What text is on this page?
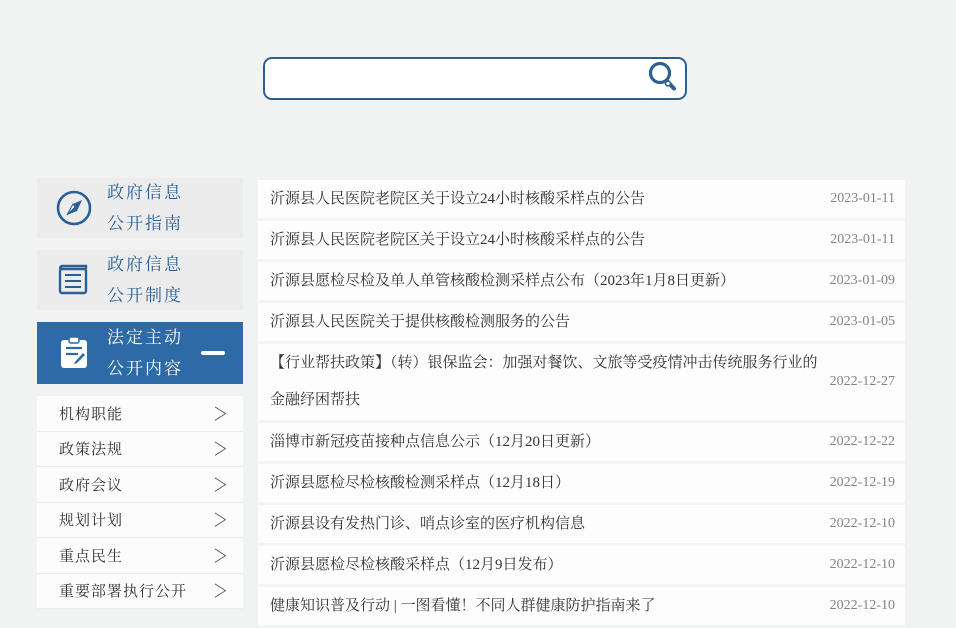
政府信息
公开指南
政府信息
公开制度
法定主动
公开内容
机构职能	＞
政策法规	＞
政府会议	＞
规划计划	＞
重点民生	＞
重要部署执行公开 ＞
沂源县人民医院老院区关于设立24小时核酸采样点的公告	2023-01-11
沂源县人民医院老院区关于设立24小时核酸采样点的公告	2023-01-11
沂源县愿检尽检及单人单管核酸检测采样点公布（2023年1月8日更新）	2023-01-09
沂源县人民医院关于提供核酸检测服务的公告	2023-01-05
【行业帮扶政策】（转）银保监会：加强对餐饮、文旅等受疫情冲击传统服务行业的金融纾困帮扶
2022-12-27
淄博市新冠疫苗接种点信息公示（12月20日更新）	2022-12-22
沂源县愿检尽检核酸检测采样点（12月18日）	2022-12-19
沂源县设有发热门诊、哨点诊室的医疗机构信息	2022-12-10
沂源县愿检尽检核酸采样点（12月9日发布）	2022-12-10
健康知识普及行动 | 一图看懂！不同人群健康防护指南来了	2022-12-10
